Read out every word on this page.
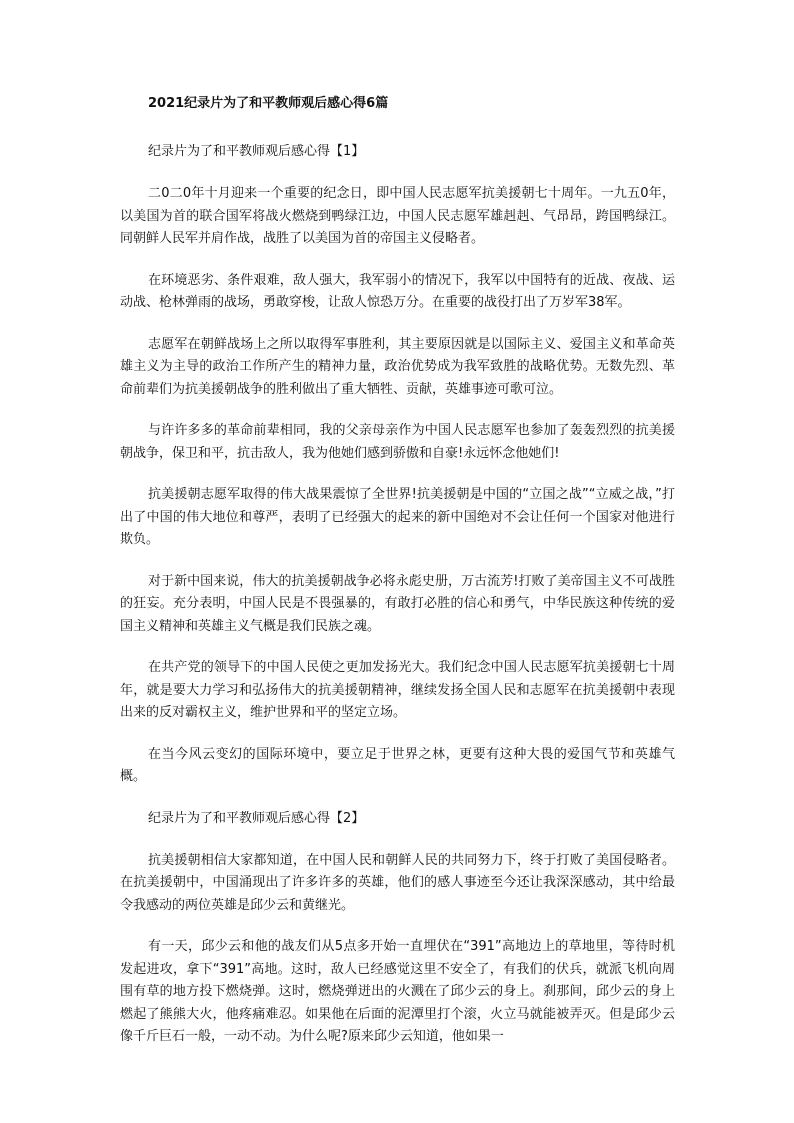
2021纪录片为了和平教师观后感心得6篇
纪录片为了和平教师观后感心得【1】

二0二0年十月迎来一个重要的纪念日，即中国人民志愿军抗美援朝七十周年。一九五0年，以美国为首的联合国军将战火燃烧到鸭绿江边，中国人民志愿军雄赳赳、气昂昂，跨国鸭绿江。同朝鲜人民军并肩作战，战胜了以美国为首的帝国主义侵略者。

在环境恶劣、条件艰难，敌人强大，我军弱小的情况下，我军以中国特有的近战、夜战、运动战、枪林弹雨的战场，勇敢穿梭，让敌人惊恐万分。在重要的战役打出了万岁军38军。

志愿军在朝鲜战场上之所以取得军事胜利，其主要原因就是以国际主义、爱国主义和革命英雄主义为主导的政治工作所产生的精神力量，政治优势成为我军致胜的战略优势。无数先烈、革命前辈们为抗美援朝战争的胜利做出了重大牺牲、贡献，英雄事迹可歌可泣。

与许许多多的革命前辈相同，我的父亲母亲作为中国人民志愿军也参加了轰轰烈烈的抗美援朝战争，保卫和平，抗击敌人，我为他她们感到骄傲和自豪!永远怀念他她们!

抗美援朝志愿军取得的伟大战果震惊了全世界!抗美援朝是中国的“立国之战”“立威之战，”打出了中国的伟大地位和尊严，表明了已经强大的起来的新中国绝对不会让任何一个国家对他进行欺负。

对于新中国来说，伟大的抗美援朝战争必将永彪史册，万古流芳!打败了美帝国主义不可战胜的狂妄。充分表明，中国人民是不畏强暴的，有敢打必胜的信心和勇气，中华民族这种传统的爱国主义精神和英雄主义气概是我们民族之魂。

在共产党的领导下的中国人民使之更加发扬光大。我们纪念中国人民志愿军抗美援朝七十周年，就是要大力学习和弘扬伟大的抗美援朝精神，继续发扬全国人民和志愿军在抗美援朝中表现出来的反对霸权主义，维护世界和平的坚定立场。

在当今风云变幻的国际环境中，要立足于世界之林，更要有这种大畏的爱国气节和英雄气概。

纪录片为了和平教师观后感心得【2】

抗美援朝相信大家都知道，在中国人民和朝鲜人民的共同努力下，终于打败了美国侵略者。在抗美援朝中，中国涌现出了许多许多的英雄，他们的感人事迹至今还让我深深感动，其中给最令我感动的两位英雄是邱少云和黄继光。

有一天，邱少云和他的战友们从5点多开始一直埋伏在“391”高地边上的草地里，等待时机发起进攻，拿下“391”高地。这时，敌人已经感觉这里不安全了，有我们的伏兵，就派飞机向周围有草的地方投下燃烧弹。这时，燃烧弹迸出的火溅在了邱少云的身上。刹那间，邱少云的身上燃起了熊熊大火，他疼痛难忍。如果他在后面的泥潭里打个滚，火立马就能被弄灭。但是邱少云像千斤巨石一般，一动不动。为什么呢?原来邱少云知道，他如果一
